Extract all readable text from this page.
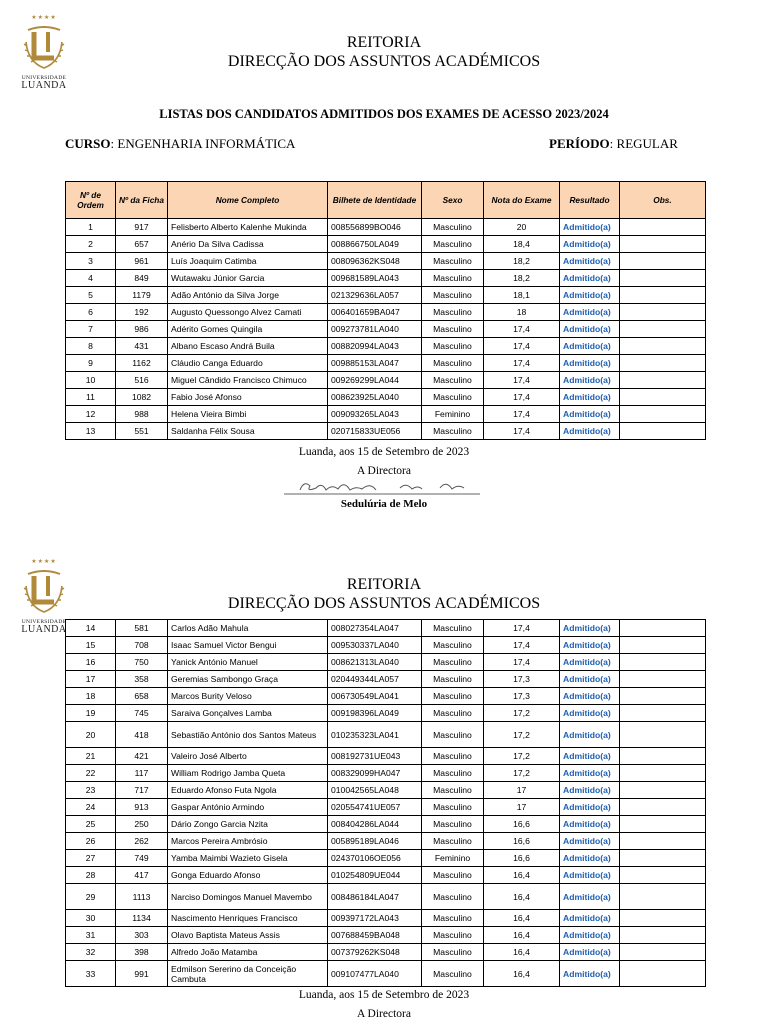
★★★★
UNIVERSIDADE
LUANDA
REITORIA
DIRECÇÃO DOS ASSUNTOS ACADÉMICOS
LISTAS DOS CANDIDATOS ADMITIDOS DOS EXAMES DE ACESSO 2023/2024
CURSO: ENGENHARIA INFORMÁTICA	PERÍODO: REGULAR
Nº de Ordem	Nº da Ficha	Nome Completo	Bilhete de Identidade	Sexo	Nota do Exame	Resultado	Obs.
1	917	Felisberto Alberto Kalenhe Mukinda	008556899BO046	Masculino	20	Admitido(a)	
2	657	Anério Da Silva Cadissa	008866750LA049	Masculino	18,4	Admitido(a)	
3	961	Luís Joaquim Catimba	008096362KS048	Masculino	18,2	Admitido(a)	
4	849	Wutawaku Júnior Garcia	009681589LA043	Masculino	18,2	Admitido(a)	
5	1179	Adão António da Silva Jorge	021329636LA057	Masculino	18,1	Admitido(a)	
6	192	Augusto Quessongo Alvez Camati	006401659BA047	Masculino	18	Admitido(a)	
7	986	Adérito Gomes Quingila	009273781LA040	Masculino	17,4	Admitido(a)	
8	431	Albano Escaso Andrá Buila	008820994LA043	Masculino	17,4	Admitido(a)	
9	1162	Cláudio Canga Eduardo	009885153LA047	Masculino	17,4	Admitido(a)	
10	516	Miguel Cândido Francisco Chimuco	009269299LA044	Masculino	17,4	Admitido(a)	
11	1082	Fabio José Afonso	008623925LA040	Masculino	17,4	Admitido(a)	
12	988	Helena Vieira Bimbi	009093265LA043	Feminino	17,4	Admitido(a)	
13	551	Saldanha Félix Sousa	020715833UE056	Masculino	17,4	Admitido(a)	
Luanda, aos 15 de Setembro de 2023
A Directora
Sedulúria de Melo
★★★★
UNIVERSIDADE
LUANDA
REITORIA
DIRECÇÃO DOS ASSUNTOS ACADÉMICOS
14	581	Carlos Adão Mahula	008027354LA047	Masculino	17,4	Admitido(a)	
15	708	Isaac Samuel Victor Bengui	009530337LA040	Masculino	17,4	Admitido(a)	
16	750	Yanick António Manuel	008621313LA040	Masculino	17,4	Admitido(a)	
17	358	Geremias Sambongo Graça	020449344LA057	Masculino	17,3	Admitido(a)	
18	658	Marcos Burity Veloso	006730549LA041	Masculino	17,3	Admitido(a)	
19	745	Saraiva Gonçalves Lamba	009198396LA049	Masculino	17,2	Admitido(a)	
20	418	Sebastião António dos Santos Mateus	010235323LA041	Masculino	17,2	Admitido(a)	
21	421	Valeiro José Alberto	008192731UE043	Masculino	17,2	Admitido(a)	
22	117	William Rodrigo Jamba Queta	008329099HA047	Masculino	17,2	Admitido(a)	
23	717	Eduardo Afonso Futa Ngola	010042565LA048	Masculino	17	Admitido(a)	
24	913	Gaspar António Armindo	020554741UE057	Masculino	17	Admitido(a)	
25	250	Dário Zongo Garcia Nzita	008404286LA044	Masculino	16,6	Admitido(a)	
26	262	Marcos Pereira Ambrósio	005895189LA046	Masculino	16,6	Admitido(a)	
27	749	Yamba Maimbi Wazieto Gisela	024370106OE056	Feminino	16,6	Admitido(a)	
28	417	Gonga Eduardo Afonso	010254809UE044	Masculino	16,4	Admitido(a)	
29	1113	Narciso Domingos Manuel Mavembo	008486184LA047	Masculino	16,4	Admitido(a)	
30	1134	Nascimento Henriques Francisco	009397172LA043	Masculino	16,4	Admitido(a)	
31	303	Olavo Baptista Mateus Assis	007688459BA048	Masculino	16,4	Admitido(a)	
32	398	Alfredo João Matamba	007379262KS048	Masculino	16,4	Admitido(a)	
33	991	Edmilson Sererino da Conceição Cambuta	009107477LA040	Masculino	16,4	Admitido(a)	
Luanda, aos 15 de Setembro de 2023
A Directora
